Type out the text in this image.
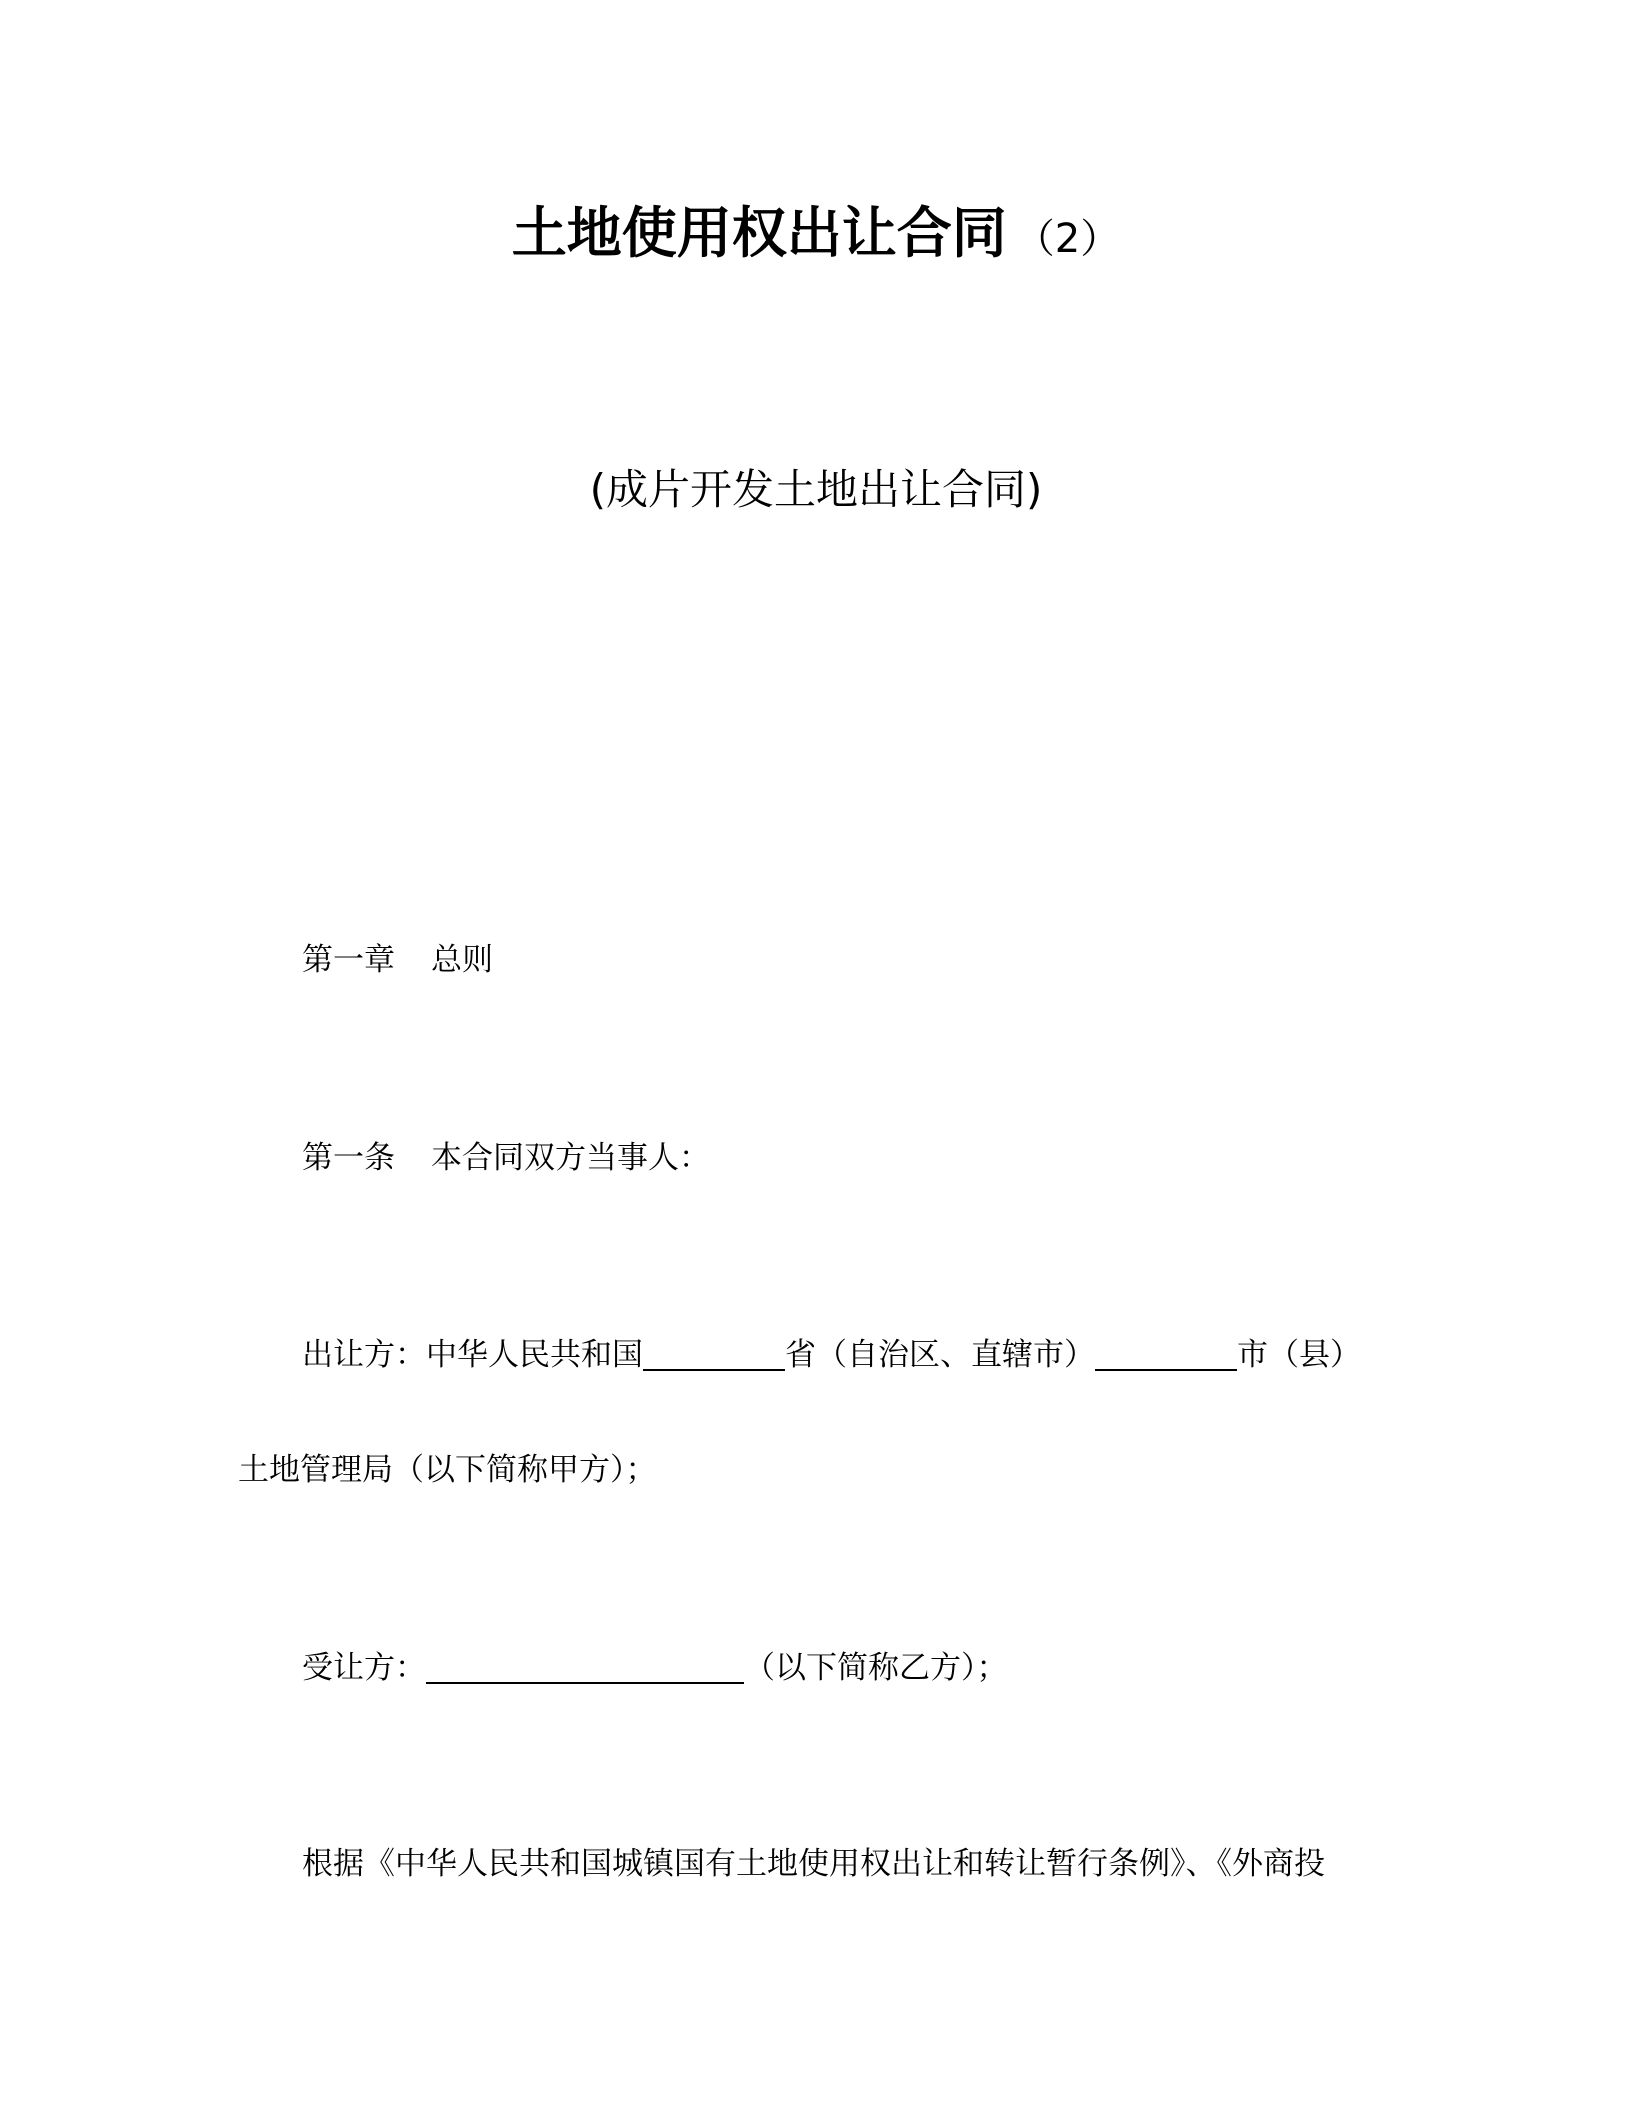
土地使用权出让合同 （2）
(成片开发土地出让合同)
第一章 总则
第一条 本合同双方当事人：
出让方：中华人民共和国	省（自治区、直辖市）	市（县）
土地管理局（以下简称甲方）；
受让方：	（以下简称乙方）；
根据《中华人民共和国城镇国有土地使用权出让和转让暂行条例》、《外商投
